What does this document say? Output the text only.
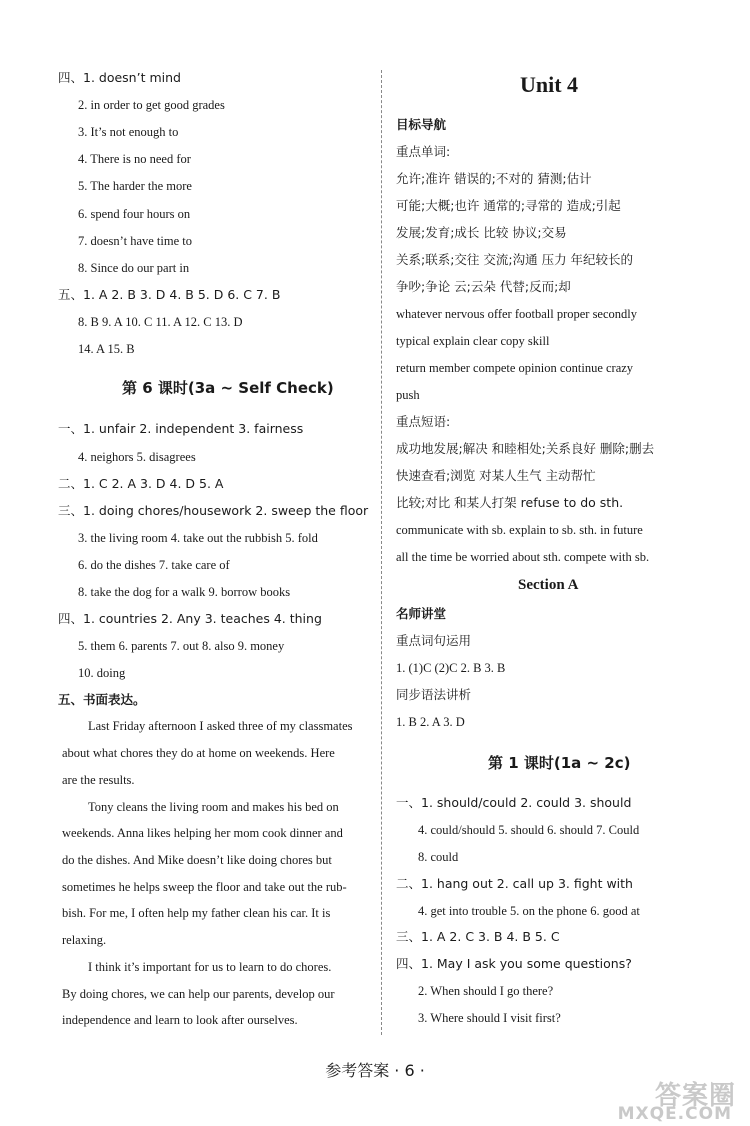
四、1. doesn’t mind
2. in order to get good grades
3. It’s not enough to
4. There is no need for
5. The harder the more
6. spend four hours on
7. doesn’t have time to
8. Since do our part in
五、1. A 2. B 3. D 4. B 5. D 6. C 7. B
8. B 9. A 10. C 11. A 12. C 13. D
14. A 15. B
第 6 课时(3a ~ Self Check)
一、1. unfair 2. independent 3. fairness
4. neighors 5. disagrees
二、1. C 2. A 3. D 4. D 5. A
三、1. doing chores/housework 2. sweep the floor
3. the living room 4. take out the rubbish 5. fold
6. do the dishes 7. take care of
8. take the dog for a walk 9. borrow books
四、1. countries 2. Any 3. teaches 4. thing
5. them 6. parents 7. out 8. also 9. money
10. doing
五、书面表达。
Last Friday afternoon I asked three of my classmates
about what chores they do at home on weekends. Here
are the results.
Tony cleans the living room and makes his bed on
weekends. Anna likes helping her mom cook dinner and
do the dishes. And Mike doesn’t like doing chores but
sometimes he helps sweep the floor and take out the rub-
bish. For me, I often help my father clean his car. It is
relaxing.
I think it’s important for us to learn to do chores.
By doing chores, we can help our parents, develop our
independence and learn to look after ourselves.
Unit 4
目标导航
重点单词:
允许;准许 错误的;不对的 猜测;估计
可能;大概;也许 通常的;寻常的 造成;引起
发展;发育;成长 比较 协议;交易
关系;联系;交往 交流;沟通 压力 年纪较长的
争吵;争论 云;云朵 代替;反而;却
whatever nervous offer football proper secondly
typical explain clear copy skill
return member compete opinion continue crazy
push
重点短语:
成功地发展;解决 和睦相处;关系良好 删除;删去
快速查看;浏览 对某人生气 主动帮忙
比较;对比 和某人打架 refuse to do sth.
communicate with sb. explain to sb. sth. in future
all the time be worried about sth. compete with sb.
Section A
名师讲堂
重点词句运用
1. (1)C (2)C 2. B 3. B
同步语法讲析
1. B 2. A 3. D
第 1 课时(1a ~ 2c)
一、1. should/could 2. could 3. should
4. could/should 5. should 6. should 7. Could
8. could
二、1. hang out 2. call up 3. fight with
4. get into trouble 5. on the phone 6. good at
三、1. A 2. C 3. B 4. B 5. C
四、1. May I ask you some questions?
2. When should I go there?
3. Where should I visit first?
参考答案 · 6 ·
答案圈
MXQE.COM
